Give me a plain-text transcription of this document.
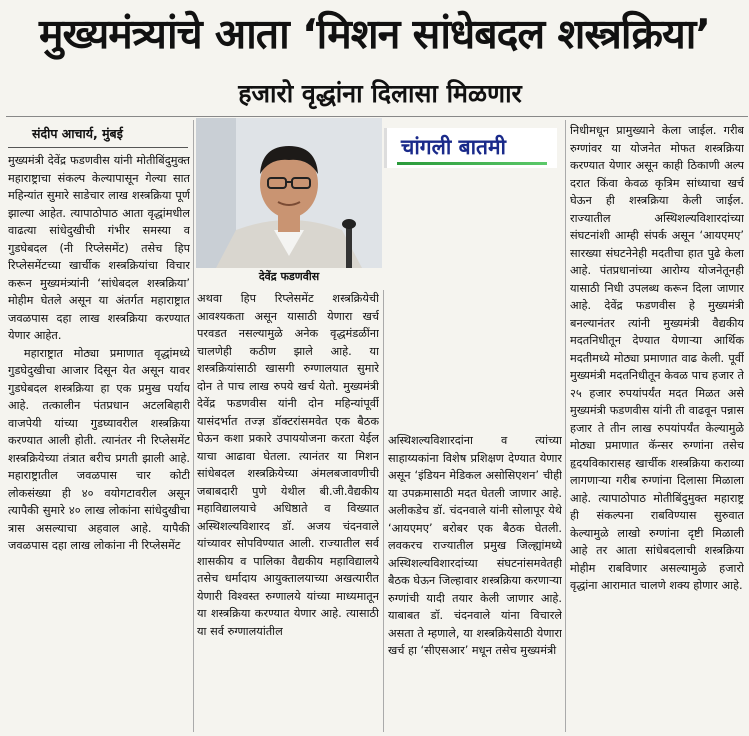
मुख्यमंत्र्यांचे आता ‘मिशन सांधेबदल शस्त्रक्रिया’
हजारो वृद्धांना दिलासा मिळणार
संदीप आचार्य, मुंबई

मुख्यमंत्री देवेंद्र फडणवीस यांनी मोतीबिंदुमुक्त महाराष्ट्राचा संकल्प केल्यापासून गेल्या सात महिन्यांत सुमारे साडेचार लाख शस्त्रक्रिया पूर्ण झाल्या आहेत. त्यापाठोपाठ आता वृद्धांमधील वाढत्या सांधेदुखीची गंभीर समस्या व गुडघेबदल (नी रिप्लेसमेंट) तसेच हिप रिप्लेसमेंटच्या खार्चीक शस्त्रक्रियांचा विचार करून मुख्यमंत्र्यांनी ‘सांधेबदल शस्त्रक्रिया’ मोहीम घेतले असून या अंतर्गत महाराष्ट्रात जवळपास दहा लाख शस्त्रक्रिया करण्यात येणार आहेत.

महाराष्ट्रात मोठ्या प्रमाणात वृद्धांमध्ये गुडघेदुखीचा आजार दिसून येत असून यावर गुडघेबदल शस्त्रक्रिया हा एक प्रमुख पर्याय आहे. तत्कालीन पंतप्रधान अटलबिहारी वाजपेयी यांच्या गुडघ्यावरील शस्त्रक्रिया करण्यात आली होती. त्यानंतर नी रिप्लेसमेंट शस्त्रक्रियेच्या तंत्रात बरीच प्रगती झाली आहे. महाराष्ट्रातील जवळपास चार कोटी लोकसंख्या ही ४० वयोगटावरील असून त्यापैकी सुमारे ४० लाख लोकांना सांधेदुखीचा त्रास असल्याचा अहवाल आहे. यापैकी जवळपास दहा लाख लोकांना नी रिप्लेसमेंट

देवेंद्र फडणवीस

अथवा हिप रिप्लेसमेंट शस्त्रक्रियेची आवश्यकता असून यासाठी येणारा खर्च परवडत नसल्यामुळे अनेक वृद्धमंडळींना चालणेही कठीण झाले आहे. या शस्त्रक्रियांसाठी खासगी रुग्णालयात सुमारे दोन ते पाच लाख रुपये खर्च येतो. मुख्यमंत्री देवेंद्र फडणवीस यांनी दोन महिन्यांपूर्वी यासंदर्भात तज्ज्ञ डॉक्टरांसमवेत एक बैठक घेऊन कशा प्रकारे उपाययोजना करता येईल याचा आढावा घेतला. त्यानंतर या मिशन सांधेबदल शस्त्रक्रियेच्या अंमलबजावणीची जबाबदारी पुणे येथील बी.जी.वैद्यकीय महाविद्यालयाचे अधिष्ठाते व विख्यात अस्थिशल्यविशारद डॉ. अजय चंदनवाले यांच्यावर सोपविण्यात आली. राज्यातील सर्व शासकीय व पालिका वैद्यकीय महाविद्यालये तसेच धर्मादाय आयुक्तालयाच्या अखत्यारीत येणारी विश्वस्त रुग्णालये यांच्या माध्यमातून या शस्त्रक्रिया करण्यात येणार आहे. त्यासाठी या सर्व रुग्णालयांतील

चांगली बातमी

अस्थिशल्यविशारदांना व त्यांच्या साहाय्यकांना विशेष प्रशिक्षण देण्यात येणार असून ‘इंडियन मेडिकल असोसिएशन’ चीही या उपक्रमासाठी मदत घेतली जाणार आहे. अलीकडेच डॉ. चंदनवाले यांनी सोलापूर येथे ‘आयएमए’ बरोबर एक बैठक घेतली. लवकरच राज्यातील प्रमुख जिल्ह्यांमध्ये अस्थिशल्यविशारदांच्या संघटनांसमवेतही बैठक घेऊन जिल्हावार शस्त्रक्रिया करणाऱ्या रुग्णांची यादी तयार केली जाणार आहे. याबाबत डॉ. चंदनवाले यांना विचारले असता ते म्हणाले, या शस्त्रक्रियेसाठी येणारा खर्च हा ‘सीएसआर’ मधून तसेच मुख्यमंत्री

निधीमधून प्रामुख्याने केला जाईल. गरीब रुग्णांवर या योजनेत मोफत शस्त्रक्रिया करण्यात येणार असून काही ठिकाणी अल्प दरात किंवा केवळ कृत्रिम सांध्याचा खर्च घेऊन ही शस्त्रक्रिया केली जाईल. राज्यातील अस्थिशल्यविशारदांच्या संघटनांशी आम्ही संपर्क असून ‘आयएमए’ सारख्या संघटनेनेही मदतीचा हात पुढे केला आहे. पंतप्रधानांच्या आरोग्य योजनेतूनही यासाठी निधी उपलब्ध करून दिला जाणार आहे. देवेंद्र फडणवीस हे मुख्यमंत्री बनल्यानंतर त्यांनी मुख्यमंत्री वैद्यकीय मदतनिधीतून देण्यात येणाऱ्या आर्थिक मदतीमध्ये मोठ्या प्रमाणात वाढ केली. पूर्वी मुख्यमंत्री मदतनिधीतून केवळ पाच हजार ते २५ हजार रुपयांपर्यंत मदत मिळत असे मुख्यमंत्री फडणवीस यांनी ती वाढवून पन्नास हजार ते तीन लाख रुपयांपर्यंत केल्यामुळे मोठ्या प्रमाणात कॅन्सर रुग्णांना तसेच हृदयविकारासह खार्चीक शस्त्रक्रिया कराव्या लागणाऱ्या गरीब रुग्णांना दिलासा मिळाला आहे. त्यापाठोपाठ मोतीबिंदुमुक्त महाराष्ट्र ही संकल्पना राबविण्यास सुरुवात केल्यामुळे लाखो रुग्णांना दृष्टी मिळाली आहे तर आता सांधेबदलाची शस्त्रक्रिया मोहीम राबविणार असल्यामुळे हजारो वृद्धांना आरामात चालणे शक्य होणार आहे.
